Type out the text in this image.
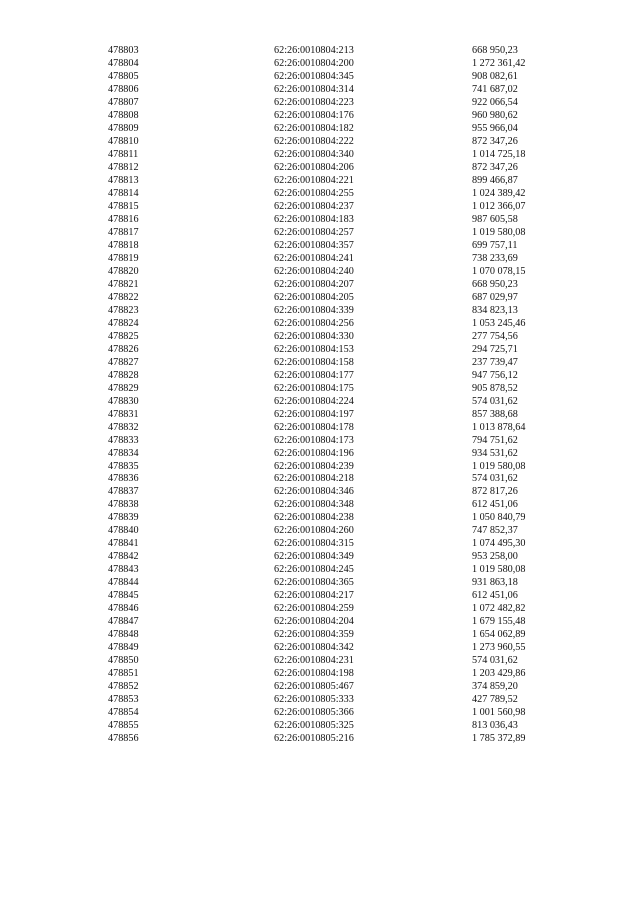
478803	62:26:0010804:213	668 950,23
478804	62:26:0010804:200	1 272 361,42
478805	62:26:0010804:345	908 082,61
478806	62:26:0010804:314	741 687,02
478807	62:26:0010804:223	922 066,54
478808	62:26:0010804:176	960 980,62
478809	62:26:0010804:182	955 966,04
478810	62:26:0010804:222	872 347,26
478811	62:26:0010804:340	1 014 725,18
478812	62:26:0010804:206	872 347,26
478813	62:26:0010804:221	899 466,87
478814	62:26:0010804:255	1 024 389,42
478815	62:26:0010804:237	1 012 366,07
478816	62:26:0010804:183	987 605,58
478817	62:26:0010804:257	1 019 580,08
478818	62:26:0010804:357	699 757,11
478819	62:26:0010804:241	738 233,69
478820	62:26:0010804:240	1 070 078,15
478821	62:26:0010804:207	668 950,23
478822	62:26:0010804:205	687 029,97
478823	62:26:0010804:339	834 823,13
478824	62:26:0010804:256	1 053 245,46
478825	62:26:0010804:330	277 754,56
478826	62:26:0010804:153	294 725,71
478827	62:26:0010804:158	237 739,47
478828	62:26:0010804:177	947 756,12
478829	62:26:0010804:175	905 878,52
478830	62:26:0010804:224	574 031,62
478831	62:26:0010804:197	857 388,68
478832	62:26:0010804:178	1 013 878,64
478833	62:26:0010804:173	794 751,62
478834	62:26:0010804:196	934 531,62
478835	62:26:0010804:239	1 019 580,08
478836	62:26:0010804:218	574 031,62
478837	62:26:0010804:346	872 817,26
478838	62:26:0010804:348	612 451,06
478839	62:26:0010804:238	1 050 840,79
478840	62:26:0010804:260	747 852,37
478841	62:26:0010804:315	1 074 495,30
478842	62:26:0010804:349	953 258,00
478843	62:26:0010804:245	1 019 580,08
478844	62:26:0010804:365	931 863,18
478845	62:26:0010804:217	612 451,06
478846	62:26:0010804:259	1 072 482,82
478847	62:26:0010804:204	1 679 155,48
478848	62:26:0010804:359	1 654 062,89
478849	62:26:0010804:342	1 273 960,55
478850	62:26:0010804:231	574 031,62
478851	62:26:0010804:198	1 203 429,86
478852	62:26:0010805:467	374 859,20
478853	62:26:0010805:333	427 789,52
478854	62:26:0010805:366	1 001 560,98
478855	62:26:0010805:325	813 036,43
478856	62:26:0010805:216	1 785 372,89
